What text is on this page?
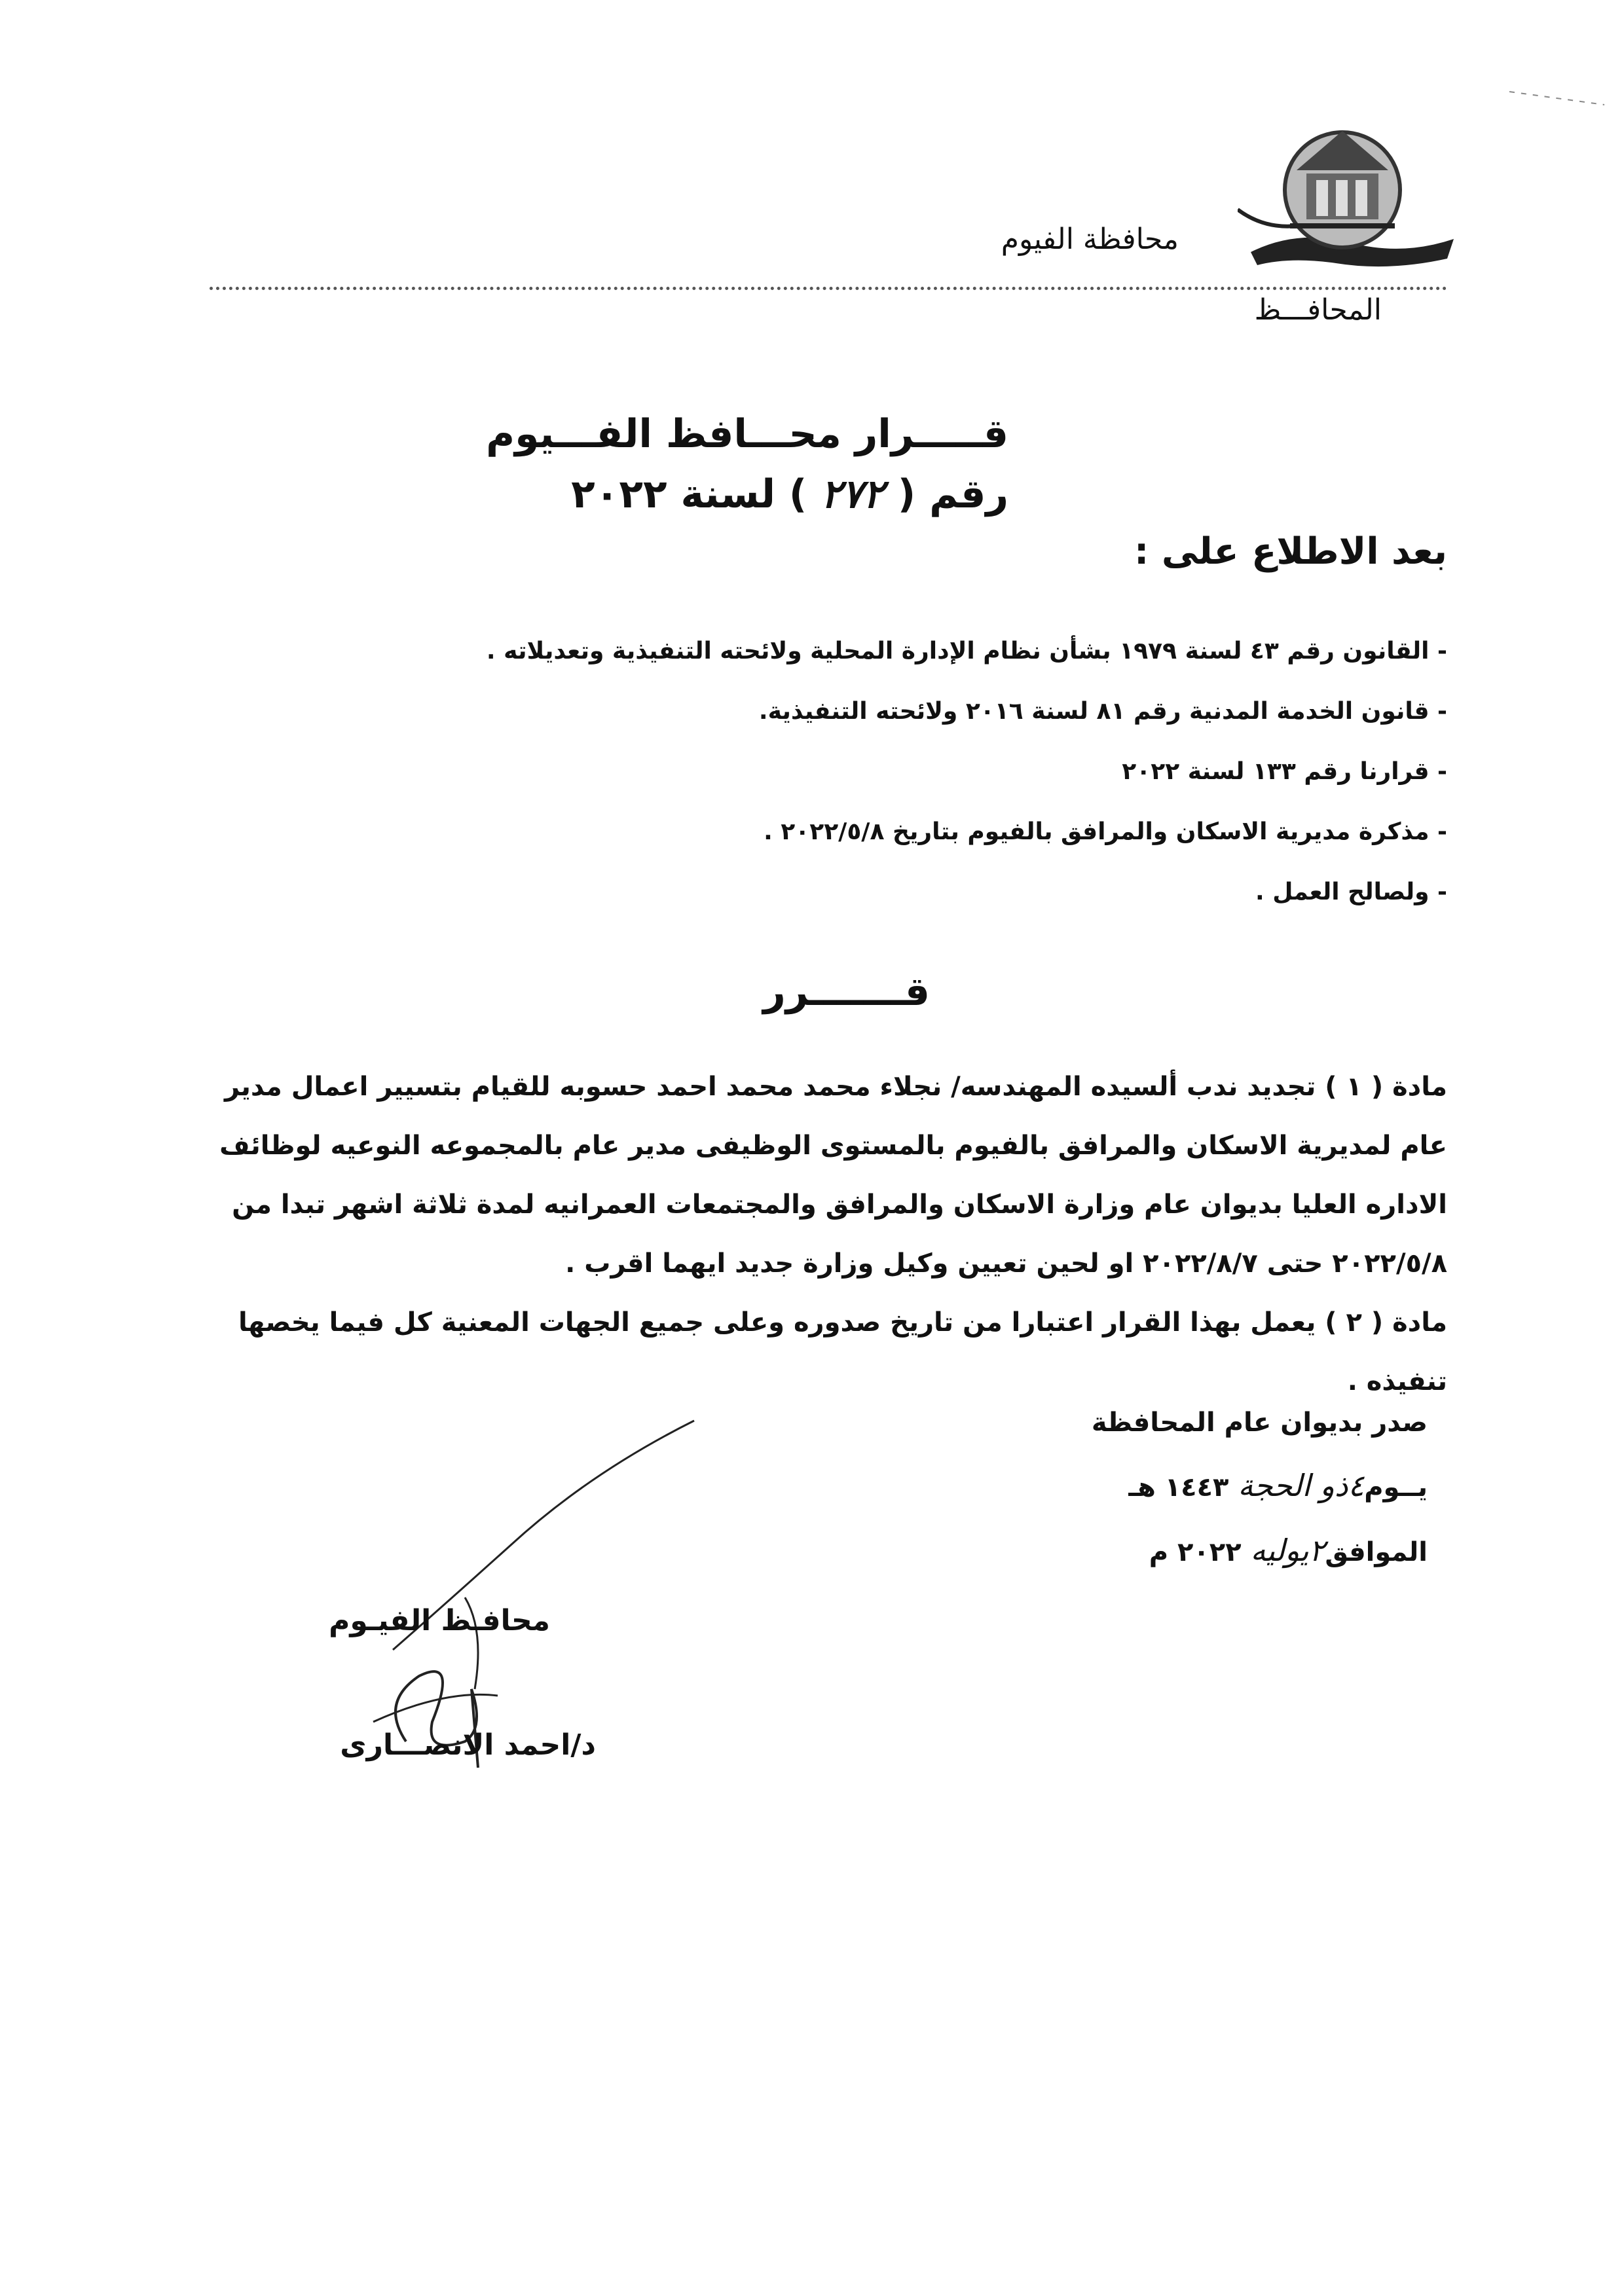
محافظة الفيوم
المحافـــظ
قـــــرار محـــافظ الفـــيوم
رقم ( ٢٧٢ ) لسنة ٢٠٢٢
بعد الاطلاع على :
- القانون رقم ٤٣ لسنة ١٩٧٩ بشأن نظام الإدارة المحلية ولائحته التنفيذية وتعديلاته .
- قانون الخدمة المدنية رقم ٨١ لسنة ٢٠١٦ ولائحته التنفيذية.
- قرارنا رقم ١٣٣ لسنة ٢٠٢٢
- مذكرة مديرية الاسكان والمرافق بالفيوم بتاريخ ٢٠٢٢/٥/٨ .
- ولصالح العمل .
قـــــــرر

مادة ( ١ ) تجديد ندب ألسيده المهندسه/ نجلاء محمد محمد احمد حسوبه للقيام بتسيير اعمال مدير عام لمديرية الاسكان والمرافق بالفيوم بالمستوى الوظيفى مدير عام بالمجموعه النوعيه لوظائف الاداره العليا بديوان عام وزارة الاسكان والمرافق والمجتمعات العمرانيه لمدة ثلاثة اشهر تبدا من ٢٠٢٢/٥/٨ حتى ٢٠٢٢/٨/٧ او لحين تعيين وكيل وزارة جديد ايهما اقرب .

مادة ( ٢ ) يعمل بهذا القرار اعتبارا من تاريخ صدوره وعلى جميع الجهات المعنية كل فيما يخصها تنفيذه .

صدر بديوان عام المحافظة
يــوم٤ذو الحجة ١٤٤٣ هـ
الموافق٢يوليه ٢٠٢٢ م
محافـظ الفيـوم
د/احمد الانصـــارى
